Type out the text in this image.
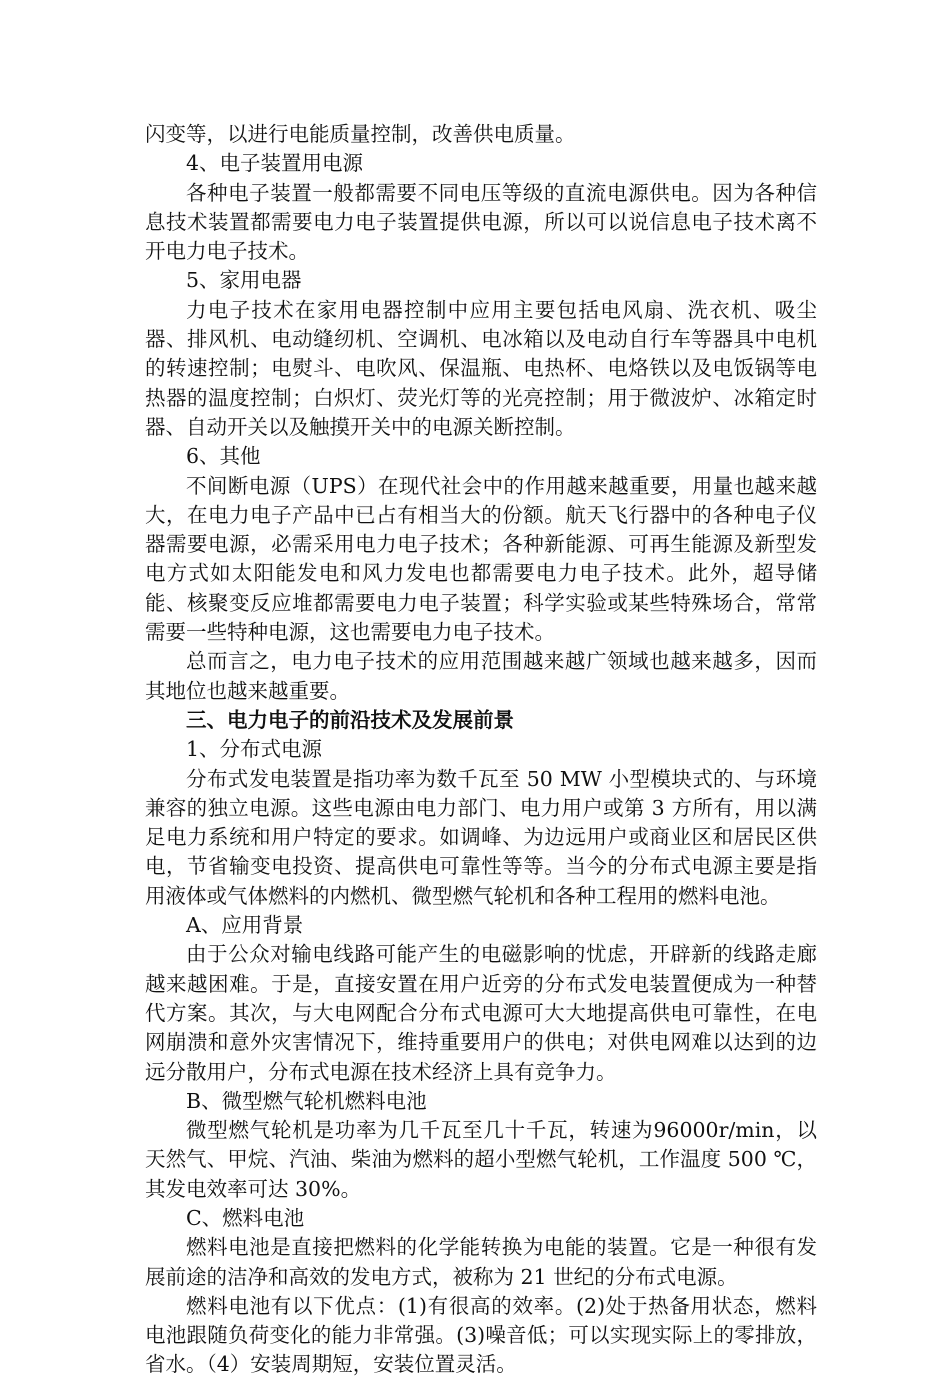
闪变等，以进行电能质量控制，改善供电质量。

4、电子装置用电源

各种电子装置一般都需要不同电压等级的直流电源供电。因为各种信息技术装置都需要电力电子装置提供电源，所以可以说信息电子技术离不开电力电子技术。

5、家用电器

力电子技术在家用电器控制中应用主要包括电风扇、洗衣机、吸尘器、排风机、电动缝纫机、空调机、电冰箱以及电动自行车等器具中电机的转速控制；电熨斗、电吹风、保温瓶、电热杯、电烙铁以及电饭锅等电热器的温度控制；白炽灯、荧光灯等的光亮控制；用于微波炉、冰箱定时器、自动开关以及触摸开关中的电源关断控制。

6、其他

不间断电源（UPS）在现代社会中的作用越来越重要，用量也越来越大，在电力电子产品中已占有相当大的份额。航天飞行器中的各种电子仪器需要电源，必需采用电力电子技术；各种新能源、可再生能源及新型发电方式如太阳能发电和风力发电也都需要电力电子技术。此外，超导储能、核聚变反应堆都需要电力电子装置；科学实验或某些特殊场合，常常需要一些特种电源，这也需要电力电子技术。

总而言之，电力电子技术的应用范围越来越广领域也越来越多，因而其地位也越来越重要。

三、电力电子的前沿技术及发展前景

1、分布式电源

分布式发电装置是指功率为数千瓦至 50 MW 小型模块式的、与环境兼容的独立电源。这些电源由电力部门、电力用户或第 3 方所有，用以满足电力系统和用户特定的要求。如调峰、为边远用户或商业区和居民区供电，节省输变电投资、提高供电可靠性等等。当今的分布式电源主要是指用液体或气体燃料的内燃机、微型燃气轮机和各种工程用的燃料电池。

A、应用背景

由于公众对输电线路可能产生的电磁影响的忧虑，开辟新的线路走廊越来越困难。于是，直接安置在用户近旁的分布式发电装置便成为一种替代方案。其次，与大电网配合分布式电源可大大地提高供电可靠性，在电网崩溃和意外灾害情况下，维持重要用户的供电；对供电网难以达到的边远分散用户，分布式电源在技术经济上具有竞争力。

B、微型燃气轮机燃料电池

微型燃气轮机是功率为几千瓦至几十千瓦，转速为96000r/min，以天然气、甲烷、汽油、柴油为燃料的超小型燃气轮机，工作温度 500 ℃，其发电效率可达 30%。

C、燃料电池

燃料电池是直接把燃料的化学能转换为电能的装置。它是一种很有发展前途的洁净和高效的发电方式，被称为 21 世纪的分布式电源。

燃料电池有以下优点：(1)有很高的效率。(2)处于热备用状态，燃料电池跟随负荷变化的能力非常强。(3)噪音低；可以实现实际上的零排放，省水。（4）安装周期短，安装位置灵活。
